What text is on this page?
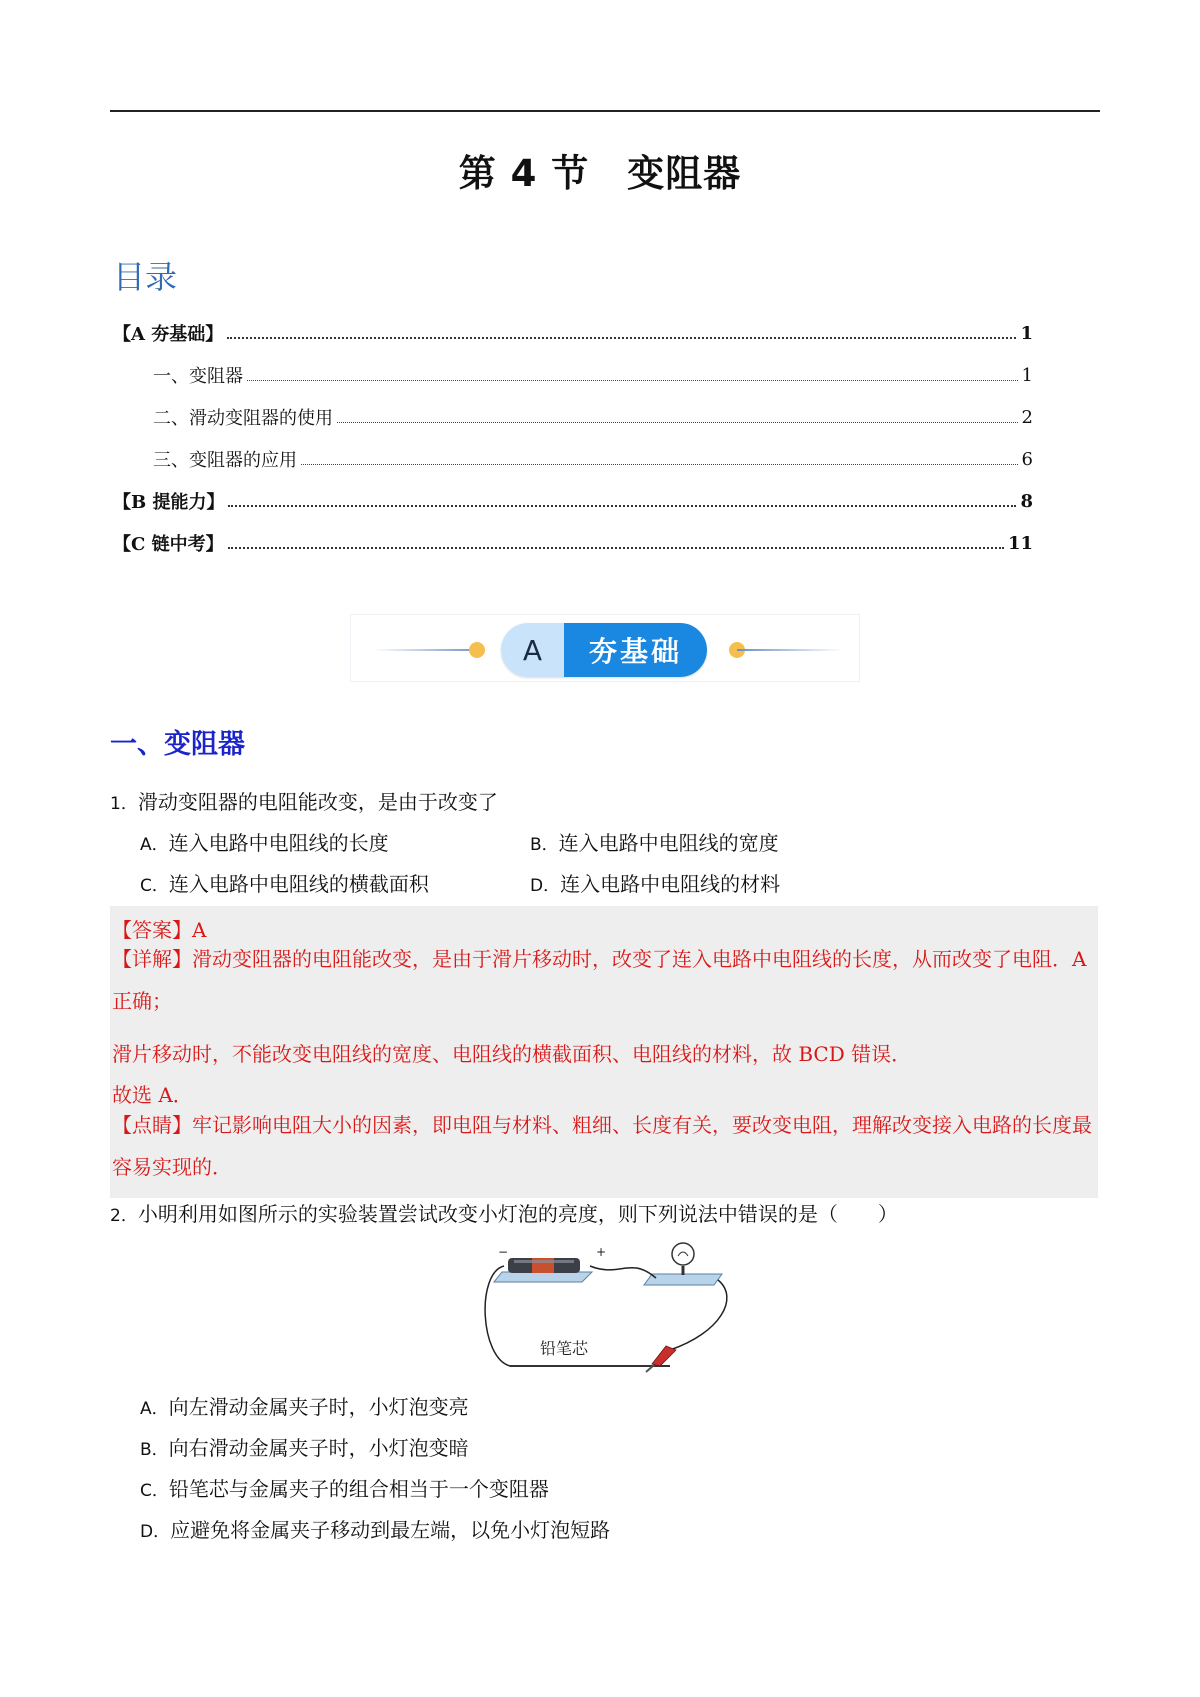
第 4 节　变阻器
目录
【A 夯基础】	1
一、变阻器	1
二、滑动变阻器的使用	2
三、变阻器的应用	6
【B 提能力】	8
【C 链中考】	11
A	夯基础
一、变阻器
1．滑动变阻器的电阻能改变，是由于改变了
A．连入电路中电阻线的长度	B．连入电路中电阻线的宽度
C．连入电路中电阻线的横截面积	D．连入电路中电阻线的材料
【答案】A
【详解】滑动变阻器的电阻能改变，是由于滑片移动时，改变了连入电路中电阻线的长度，从而改变了电阻．A 正确；
滑片移动时，不能改变电阻线的宽度、电阻线的横截面积、电阻线的材料，故 BCD 错误．
故选 A．
【点睛】牢记影响电阻大小的因素，即电阻与材料、粗细、长度有关，要改变电阻，理解改变接入电路的长度最容易实现的．
2．小明利用如图所示的实验装置尝试改变小灯泡的亮度，则下列说法中错误的是（　　）
−	+
铅笔芯
A．向左滑动金属夹子时，小灯泡变亮
B．向右滑动金属夹子时，小灯泡变暗
C．铅笔芯与金属夹子的组合相当于一个变阻器
D．应避免将金属夹子移动到最左端，以免小灯泡短路
